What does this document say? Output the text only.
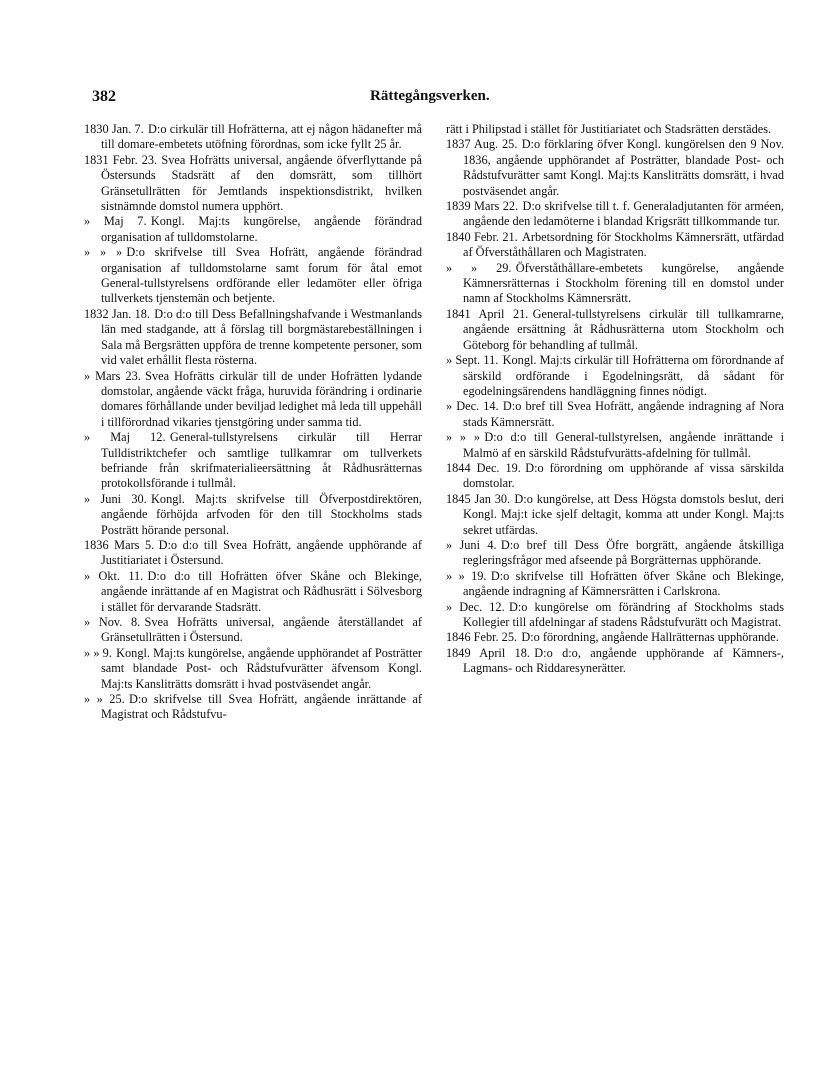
382	Rättegångsverken.

1830 Jan. 7. D:o cirkulär till Hofrätterna, att ej någon hädanefter må till domare-embetets utöfning förordnas, som icke fyllt 25 år.

1831 Febr. 23. Svea Hofrätts universal, angående öfverflyttande på Östersunds Stadsrätt af den domsrätt, som tillhört Gränsetullrätten för Jemtlands inspektionsdistrikt, hvilken sistnämnde domstol numera upphört.

» Maj 7. Kongl. Maj:ts kungörelse, angående förändrad organisation af tulldomstolarne.

» » » D:o skrifvelse till Svea Hofrätt, angående förändrad organisation af tulldomstolarne samt forum för åtal emot General-tullstyrelsens ordförande eller ledamöter eller öfriga tullverkets tjenstemän och betjente.

1832 Jan. 18. D:o d:o till Dess Befallningshafvande i Westmanlands län med stadgande, att å förslag till borgmästarebeställningen i Sala må Bergsrätten uppföra de trenne kompetente personer, som vid valet erhållit flesta rösterna.

» Mars 23. Svea Hofrätts cirkulär till de under Hofrätten lydande domstolar, angående väckt fråga, huruvida förändring i ordinarie domares förhållande under beviljad ledighet må leda till uppehåll i tillförordnad vikaries tjenstgöring under samma tid.

» Maj 12. General-tullstyrelsens cirkulär till Herrar Tulldistriktchefer och samtlige tullkamrar om tullverkets befriande från skrifmaterialieersättning åt Rådhusrätternas protokollsförande i tullmål.

» Juni 30. Kongl. Maj:ts skrifvelse till Öfverpostdirektören, angående förhöjda arfvoden för den till Stockholms stads Posträtt hörande personal.

1836 Mars 5. D:o d:o till Svea Hofrätt, angående upphörande af Justitiariatet i Östersund.

» Okt. 11. D:o d:o till Hofrätten öfver Skåne och Blekinge, angående inrättande af en Magistrat och Rådhusrätt i Sölvesborg i stället för dervarande Stadsrätt.

» Nov. 8. Svea Hofrätts universal, angående återställandet af Gränsetullrätten i Östersund.

» » 9. Kongl. Maj:ts kungörelse, angående upphörandet af Posträtter samt blandade Post- och Rådstufvurätter äfvensom Kongl. Maj:ts Kansliträtts domsrätt i hvad postväsendet angår.

» » 25. D:o skrifvelse till Svea Hofrätt, angående inrättande af Magistrat och Rådstufvu-

rätt i Philipstad i stället för Justitiariatet och Stadsrätten derstädes.

1837 Aug. 25. D:o förklaring öfver Kongl. kungörelsen den 9 Nov. 1836, angående upphörandet af Posträtter, blandade Post- och Rådstufvurätter samt Kongl. Maj:ts Kansliträtts domsrätt, i hvad postväsendet angår.

1839 Mars 22. D:o skrifvelse till t. f. Generaladjutanten för arméen, angående den ledamöterne i blandad Krigsrätt tillkommande tur.

1840 Febr. 21. Arbetsordning för Stockholms Kämnersrätt, utfärdad af Öfverståthållaren och Magistraten.

» » 29. Öfverståthållare-embetets kungörelse, angående Kämnersrätternas i Stockholm förening till en domstol under namn af Stockholms Kämnersrätt.

1841 April 21. General-tullstyrelsens cirkulär till tullkamrarne, angående ersättning åt Rådhusrätterna utom Stockholm och Göteborg för behandling af tullmål.

» Sept. 11. Kongl. Maj:ts cirkulär till Hofrätterna om förordnande af särskild ordförande i Egodelningsrätt, då sådant för egodelningsärendens handläggning finnes nödigt.

» Dec. 14. D:o bref till Svea Hofrätt, angående indragning af Nora stads Kämnersrätt.

» » » D:o d:o till General-tullstyrelsen, angående inrättande i Malmö af en särskild Rådstufvurätts-afdelning för tullmål.

1844 Dec. 19. D:o förordning om upphörande af vissa särskilda domstolar.

1845 Jan 30. D:o kungörelse, att Dess Högsta domstols beslut, deri Kongl. Maj:t icke sjelf deltagit, komma att under Kongl. Maj:ts sekret utfärdas.

» Juni 4. D:o bref till Dess Öfre borgrätt, angående åtskilliga regleringsfrågor med afseende på Borgrätternas upphörande.

» » 19. D:o skrifvelse till Hofrätten öfver Skåne och Blekinge, angående indragning af Kämnersrätten i Carlskrona.

» Dec. 12. D:o kungörelse om förändring af Stockholms stads Kollegier till afdelningar af stadens Rådstufvurätt och Magistrat.

1846 Febr. 25. D:o förordning, angående Hallrätternas upphörande.

1849 April 18. D:o d:o, angående upphörande af Kämners-, Lagmans- och Riddaresynerätter.
